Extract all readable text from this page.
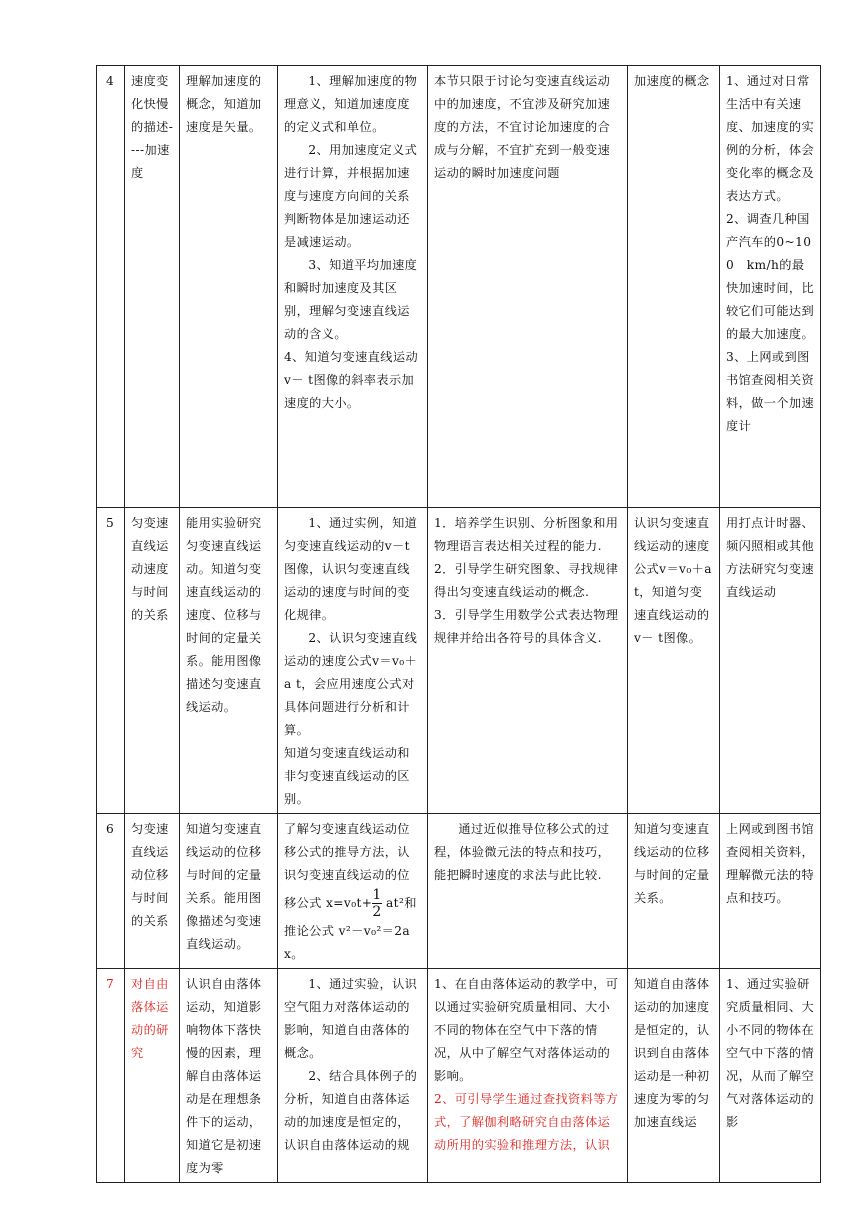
4	速度变化快慢的描述----加速度	理解加速度的概念，知道加速度是矢量。	1、理解加速度的物理意义，知道加速度度的定义式和单位。
2、用加速度定义式进行计算，并根据加速度与速度方向间的关系判断物体是加速运动还是减速运动。
3、知道平均加速度和瞬时加速度及其区别，理解匀变速直线运动的含义。
4、知道匀变速直线运动v－ t图像的斜率表示加速度的大小。	本节只限于讨论匀变速直线运动中的加速度，不宜涉及研究加速度的方法，不宜讨论加速度的合成与分解，不宜扩充到一般变速运动的瞬时加速度问题	加速度的概念	1、通过对日常生活中有关速度、加速度的实例的分析，体会变化率的概念及表达方式。
2、调查几种国产汽车的0~100　km/h的最快加速时间，比较它们可能达到的最大加速度。
3、上网或到图书馆查阅相关资料，做一个加速度计

5	匀变速直线运动速度与时间的关系	能用实验研究匀变速直线运动。知道匀变速直线运动的速度、位移与时间的定量关系。能用图像描述匀变速直线运动。	1、通过实例，知道匀变速直线运动的v－t图像，认识匀变速直线运动的速度与时间的变化规律。
2、认识匀变速直线运动的速度公式v＝v₀＋a t，会应用速度公式对具体问题进行分析和计算。
知道匀变速直线运动和非匀变速直线运动的区别。	1．培养学生识别、分析图象和用物理语言表达相关过程的能力.
2．引导学生研究图象、寻找规律得出匀变速直线运动的概念.
3．引导学生用数学公式表达物理规律并给出各符号的具体含义.	认识匀变速直线运动的速度公式v＝v₀＋a t，知道匀变速直线运动的v－ t图像。	用打点计时器、频闪照相或其他方法研究匀变速直线运动
6	匀变速直线运动位移与时间的关系	知道匀变速直线运动的位移与时间的定量关系。能用图像描述匀变速直线运动。	了解匀变速直线运动位移公式的推导方法，认识匀变速直线运动的位移公式 $x=v_0t+ \frac{1}{2} at^2$和推论公式 v²－v₀²＝2ax。	通过近似推导位移公式的过程，体验微元法的特点和技巧，能把瞬时速度的求法与此比较.	知道匀变速直线运动的位移与时间的定量关系。	上网或到图书馆查阅相关资料，理解微元法的特点和技巧。
7	对自由落体运动的研究	认识自由落体运动，知道影响物体下落快慢的因素，理解自由落体运动是在理想条件下的运动，知道它是初速度为零	1、通过实验，认识空气阻力对落体运动的影响，知道自由落体的概念。
2、结合具体例子的分析，知道自由落体运动的加速度是恒定的，认识自由落体运动的规	1、在自由落体运动的教学中，可以通过实验研究质量相同、大小不同的物体在空气中下落的情况，从中了解空气对落体运动的影响。
2、可引导学生通过查找资料等方式，了解伽利略研究自由落体运动所用的实验和推理方法，认识	知道自由落体运动的加速度是恒定的，认识到自由落体运动是一种初速度为零的匀加速直线运	1、通过实验研究质量相同、大小不同的物体在空气中下落的情况，从而了解空气对落体运动的影
